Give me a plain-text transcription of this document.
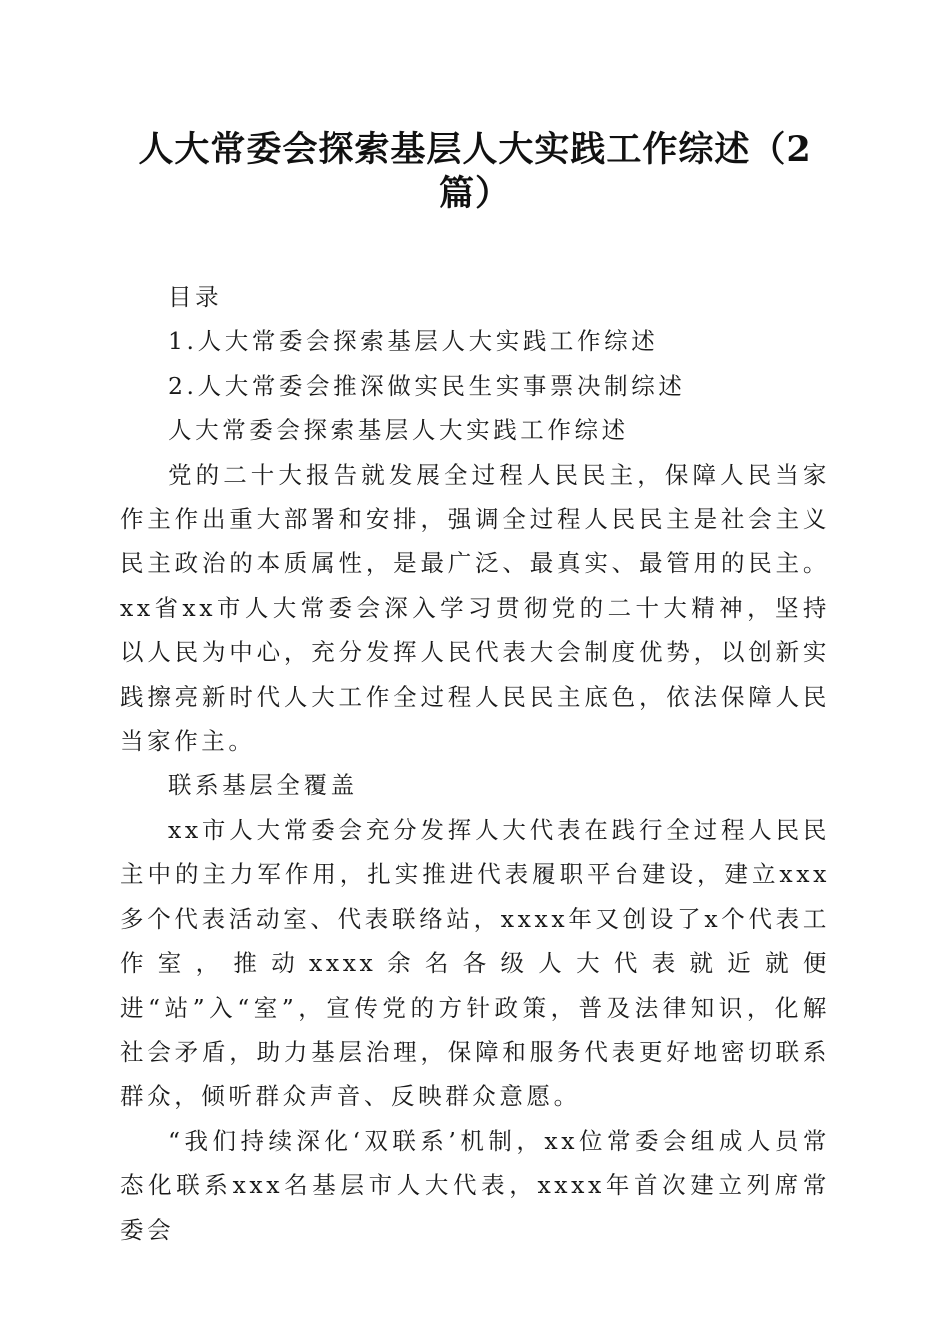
人大常委会探索基层人大实践工作综述（2
篇）

目录

1.人大常委会探索基层人大实践工作综述

2.人大常委会推深做实民生实事票决制综述

人大常委会探索基层人大实践工作综述

党的二十大报告就发展全过程人民民主，保障人民当家作主作出重大部署和安排，强调全过程人民民主是社会主义民主政治的本质属性，是最广泛、最真实、最管用的民主。xx省xx市人大常委会深入学习贯彻党的二十大精神，坚持以人民为中心，充分发挥人民代表大会制度优势，以创新实践擦亮新时代人大工作全过程人民民主底色，依法保障人民当家作主。

联系基层全覆盖

xx市人大常委会充分发挥人大代表在践行全过程人民民主中的主力军作用，扎实推进代表履职平台建设，建立xxx多个代表活动室、代表联络站，xxxx年又创设了x个代表工作室，推动xxxx余名各级人大代表就近就便进“站”入“室”，宣传党的方针政策，普及法律知识，化解社会矛盾，助力基层治理，保障和服务代表更好地密切联系群众，倾听群众声音、反映群众意愿。

“我们持续深化‘双联系’机制，xx位常委会组成人员常态化联系xxx名基层市人大代表，xxxx年首次建立列席常委会
